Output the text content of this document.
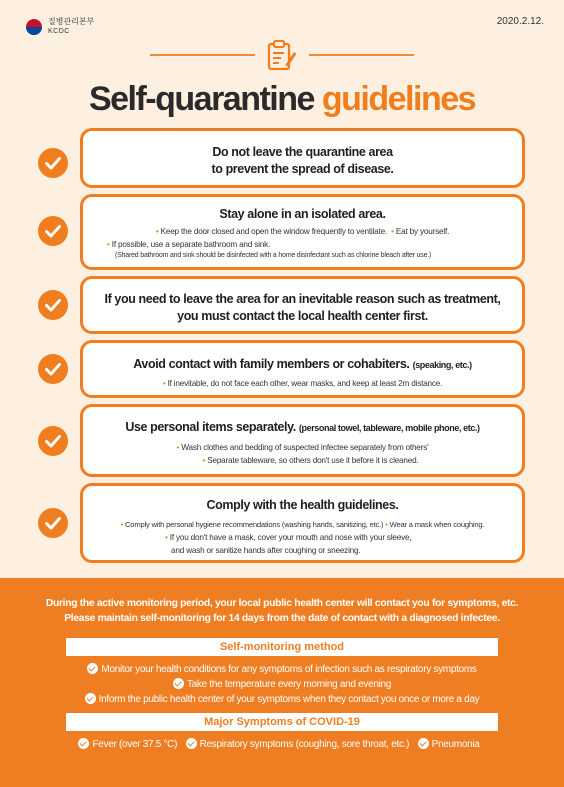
질병관리본부
KCDC
2020.2.12.
Self-quarantine guidelines
Do not leave the quarantine area
to prevent the spread of disease.
Stay alone in an isolated area.
• Keep the door closed and open the window frequently to ventilate. • Eat by yourself.
• If possible, use a separate bathroom and sink.
(Shared bathroom and sink should be disinfected with a home disinfectant such as chlorine bleach after use.)
If you need to leave the area for an inevitable reason such as treatment,
you must contact the local health center first.
Avoid contact with family members or cohabiters. (speaking, etc.)
• If inevitable, do not face each other, wear masks, and keep at least 2m distance.
Use personal items separately. (personal towel, tableware, mobile phone, etc.)
• Wash clothes and bedding of suspected infectee separately from others'
• Separate tableware, so others don't use it before it is cleaned.
Comply with the health guidelines.
• Comply with personal hygiene recommendations (washing hands, sanitizing, etc.) • Wear a mask when coughing.
• If you don't have a mask, cover your mouth and nose with your sleeve,
and wash or sanitize hands after coughing or sneezing.
During the active monitoring period, your local public health center will contact you for symptoms, etc.
Please maintain self-monitoring for 14 days from the date of contact with a diagnosed infectee.
Self-monitoring method
Monitor your health conditions for any symptoms of infection such as respiratory symptoms
Take the temperature every morning and evening
Inform the public health center of your symptoms when they contact you once or more a day
Major Symptoms of COVID-19
Fever (over 37.5 °C) Respiratory symptoms (coughing, sore throat, etc.) Pneumonia
